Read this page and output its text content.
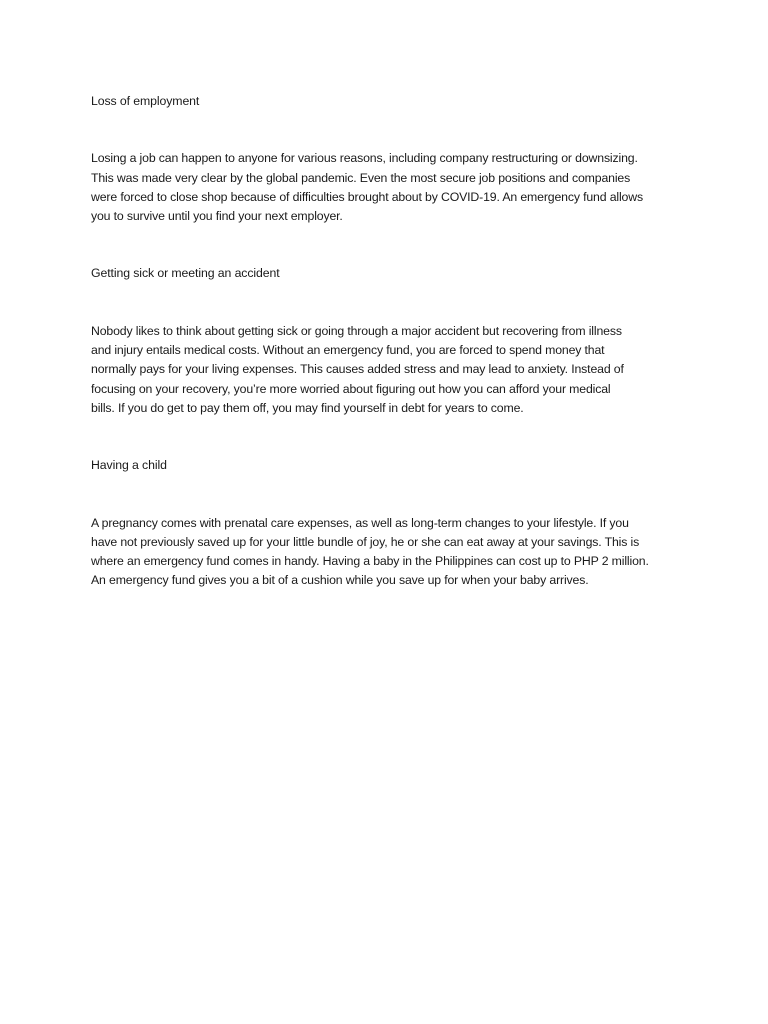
Loss of employment

Losing a job can happen to anyone for various reasons, including company restructuring or downsizing.
This was made very clear by the global pandemic. Even the most secure job positions and companies
were forced to close shop because of difficulties brought about by COVID-19. An emergency fund allows
you to survive until you find your next employer.

Getting sick or meeting an accident

Nobody likes to think about getting sick or going through a major accident but recovering from illness
and injury entails medical costs. Without an emergency fund, you are forced to spend money that
normally pays for your living expenses. This causes added stress and may lead to anxiety. Instead of
focusing on your recovery, you’re more worried about figuring out how you can afford your medical
bills. If you do get to pay them off, you may find yourself in debt for years to come.

Having a child

A pregnancy comes with prenatal care expenses, as well as long-term changes to your lifestyle. If you
have not previously saved up for your little bundle of joy, he or she can eat away at your savings. This is
where an emergency fund comes in handy. Having a baby in the Philippines can cost up to PHP 2 million.
An emergency fund gives you a bit of a cushion while you save up for when your baby arrives.
